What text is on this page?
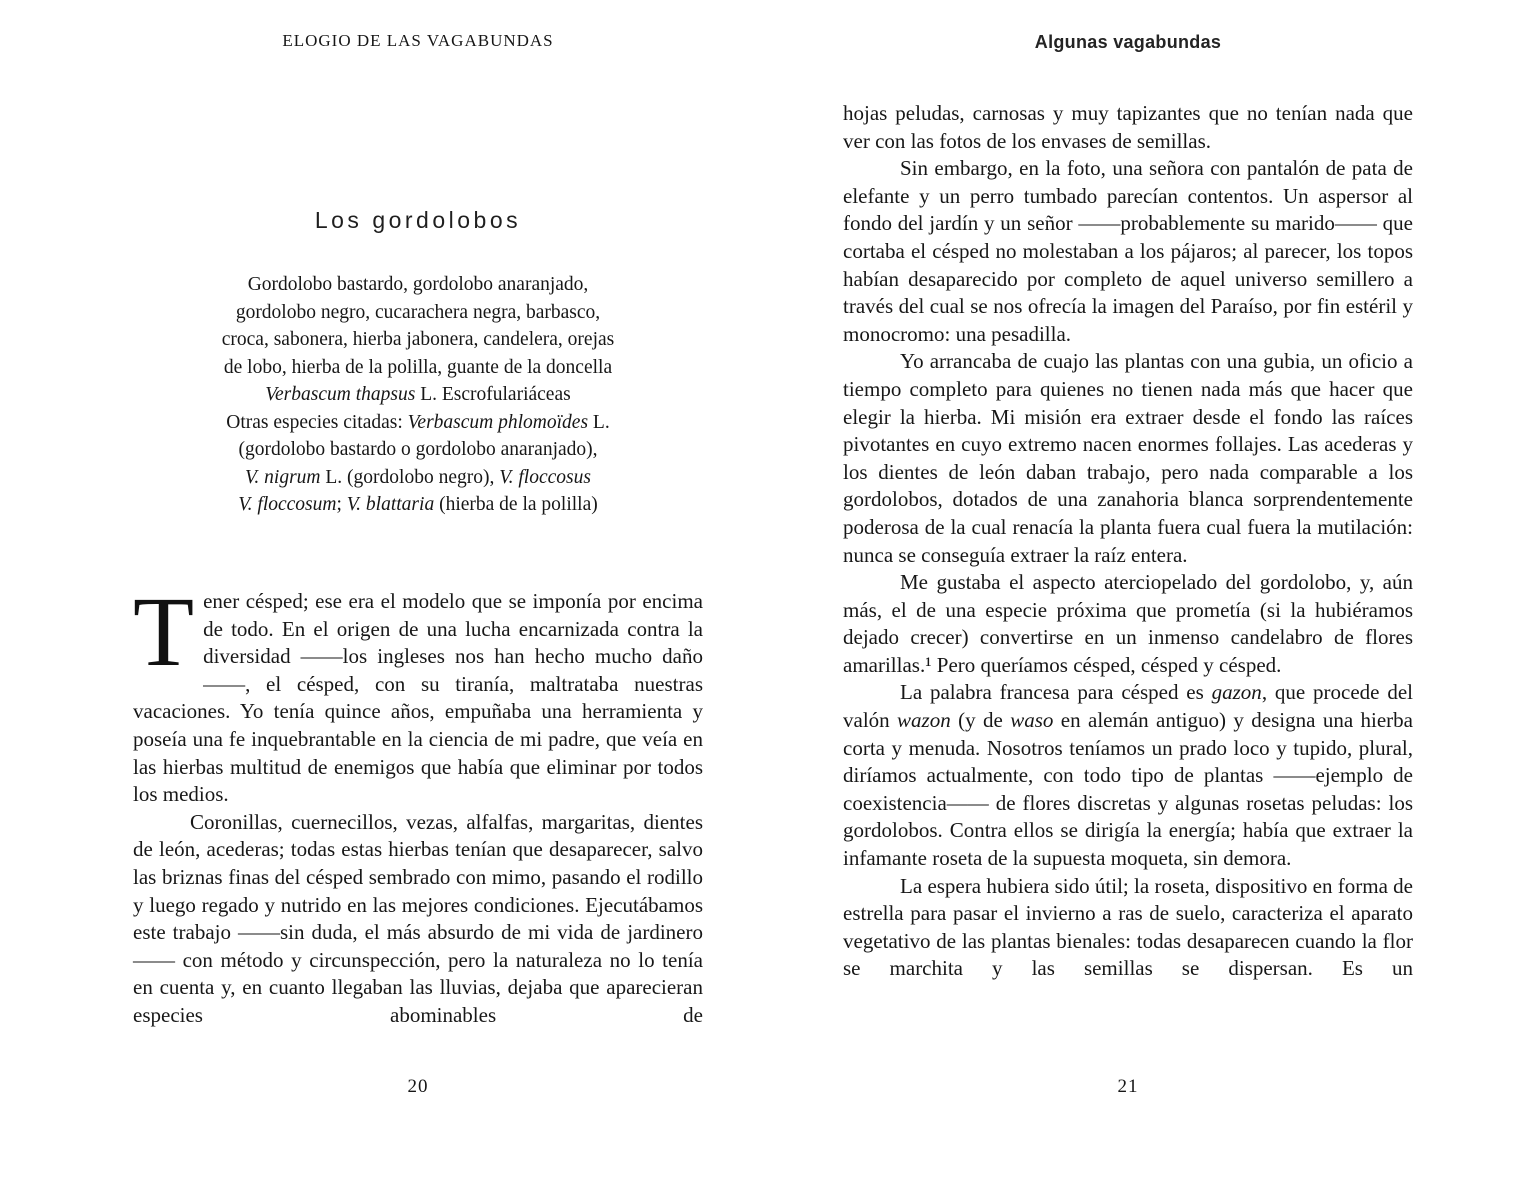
ELOGIO DE LAS VAGABUNDAS
Los gordolobos
Gordolobo bastardo, gordolobo anaranjado,
gordolobo negro, cucarachera negra, barbasco,
croca, sabonera, hierba jabonera, candelera, orejas
de lobo, hierba de la polilla, guante de la doncella
Verbascum thapsus L. Escrofulariáceas
Otras especies citadas: Verbascum phlomoïdes L.
(gordolobo bastardo o gordolobo anaranjado),
V. nigrum L. (gordolobo negro), V. floccosus
V. floccosum; V. blattaria (hierba de la polilla)

Tener césped; ese era el modelo que se imponía por encima de todo. En el origen de una lucha encarnizada contra la diversidad ——los ingleses nos han hecho mucho daño——, el césped, con su tiranía, maltrataba nuestras vacaciones. Yo tenía quince años, empuñaba una herramienta y poseía una fe inquebrantable en la ciencia de mi padre, que veía en las hierbas multitud de enemigos que había que eliminar por todos los medios.

Coronillas, cuernecillos, vezas, alfalfas, margaritas, dientes de león, acederas; todas estas hierbas tenían que desaparecer, salvo las briznas finas del césped sembrado con mimo, pasando el rodillo y luego regado y nutrido en las mejores condiciones. Ejecutábamos este trabajo ——sin duda, el más absurdo de mi vida de jardinero—— con método y circunspección, pero la naturaleza no lo tenía en cuenta y, en cuanto llegaban las lluvias, dejaba que aparecieran especies abominables de

20
Algunas vagabundas

hojas peludas, carnosas y muy tapizantes que no tenían nada que ver con las fotos de los envases de semillas.

Sin embargo, en la foto, una señora con pantalón de pata de elefante y un perro tumbado parecían contentos. Un aspersor al fondo del jardín y un señor ——probablemente su marido—— que cortaba el césped no molestaban a los pájaros; al parecer, los topos habían desaparecido por completo de aquel universo semillero a través del cual se nos ofrecía la imagen del Paraíso, por fin estéril y monocromo: una pesadilla.

Yo arrancaba de cuajo las plantas con una gubia, un oficio a tiempo completo para quienes no tienen nada más que hacer que elegir la hierba. Mi misión era extraer desde el fondo las raíces pivotantes en cuyo extremo nacen enormes follajes. Las acederas y los dientes de león daban trabajo, pero nada comparable a los gordolobos, dotados de una zanahoria blanca sorprendentemente poderosa de la cual renacía la planta fuera cual fuera la mutilación: nunca se conseguía extraer la raíz entera.

Me gustaba el aspecto aterciopelado del gordolobo, y, aún más, el de una especie próxima que prometía (si la hubiéramos dejado crecer) convertirse en un inmenso candelabro de flores amarillas.¹ Pero queríamos césped, césped y césped.

La palabra francesa para césped es gazon, que procede del valón wazon (y de waso en alemán antiguo) y designa una hierba corta y menuda. Nosotros teníamos un prado loco y tupido, plural, diríamos actualmente, con todo tipo de plantas ——ejemplo de coexistencia—— de flores discretas y algunas rosetas peludas: los gordolobos. Contra ellos se dirigía la energía; había que extraer la infamante roseta de la supuesta moqueta, sin demora.

La espera hubiera sido útil; la roseta, dispositivo en forma de estrella para pasar el invierno a ras de suelo, caracteriza el aparato vegetativo de las plantas bienales: todas desaparecen cuando la flor se marchita y las semillas se dispersan. Es un

21
